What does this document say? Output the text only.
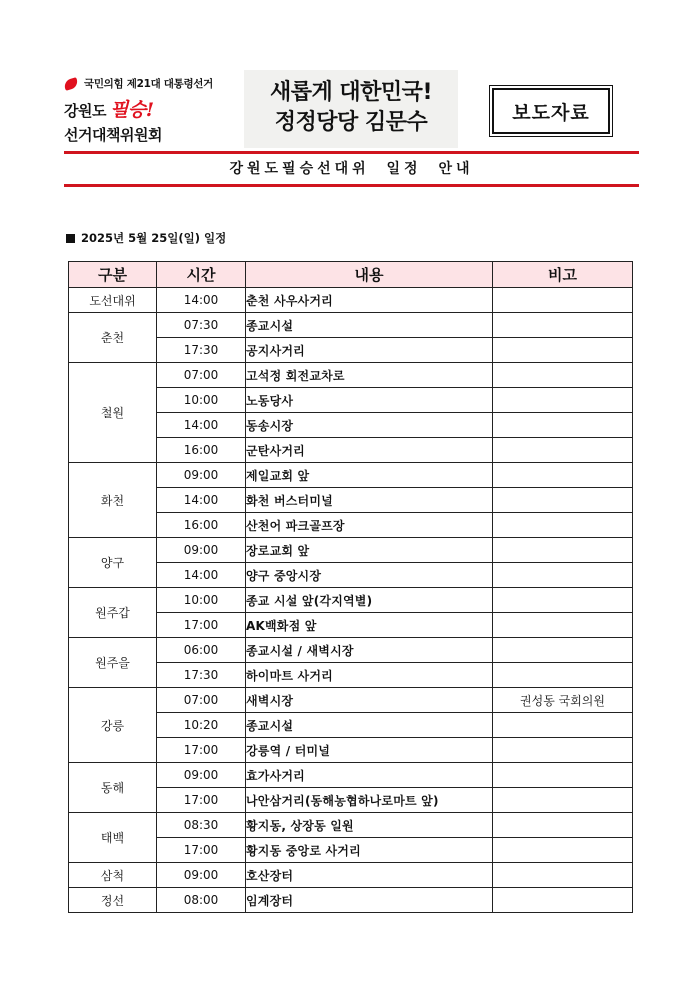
국민의힘 제21대 대통령선거
강원도 필승!
선거대책위원회
새롭게 대한민국!
정정당당 김문수	보도자료
강원도필승선대위 일정 안내
2025년 5월 25일(일) 일정
구분	시간	내용	비고
도선대위	14:00	춘천 사우사거리	
춘천	07:30	종교시설	
	17:30	공지사거리	
철원	07:00	고석정 회전교차로	
	10:00	노동당사	
	14:00	동송시장	
	16:00	군탄사거리	
화천	09:00	제일교회 앞	
	14:00	화천 버스터미널	
	16:00	산천어 파크골프장	
양구	09:00	장로교회 앞	
	14:00	양구 중앙시장	
원주갑	10:00	종교 시설 앞(각지역별)	
	17:00	AK백화점 앞	
원주을	06:00	종교시설 / 새벽시장	
	17:30	하이마트 사거리	
강릉	07:00	새벽시장	권성동 국회의원
	10:20	종교시설	
	17:00	강릉역 / 터미널	
동해	09:00	효가사거리	
	17:00	나안삼거리(동해농협하나로마트 앞)	
태백	08:30	황지동, 상장동 일원	
	17:00	황지동 중앙로 사거리	
삼척	09:00	호산장터	
정선	08:00	임계장터	
